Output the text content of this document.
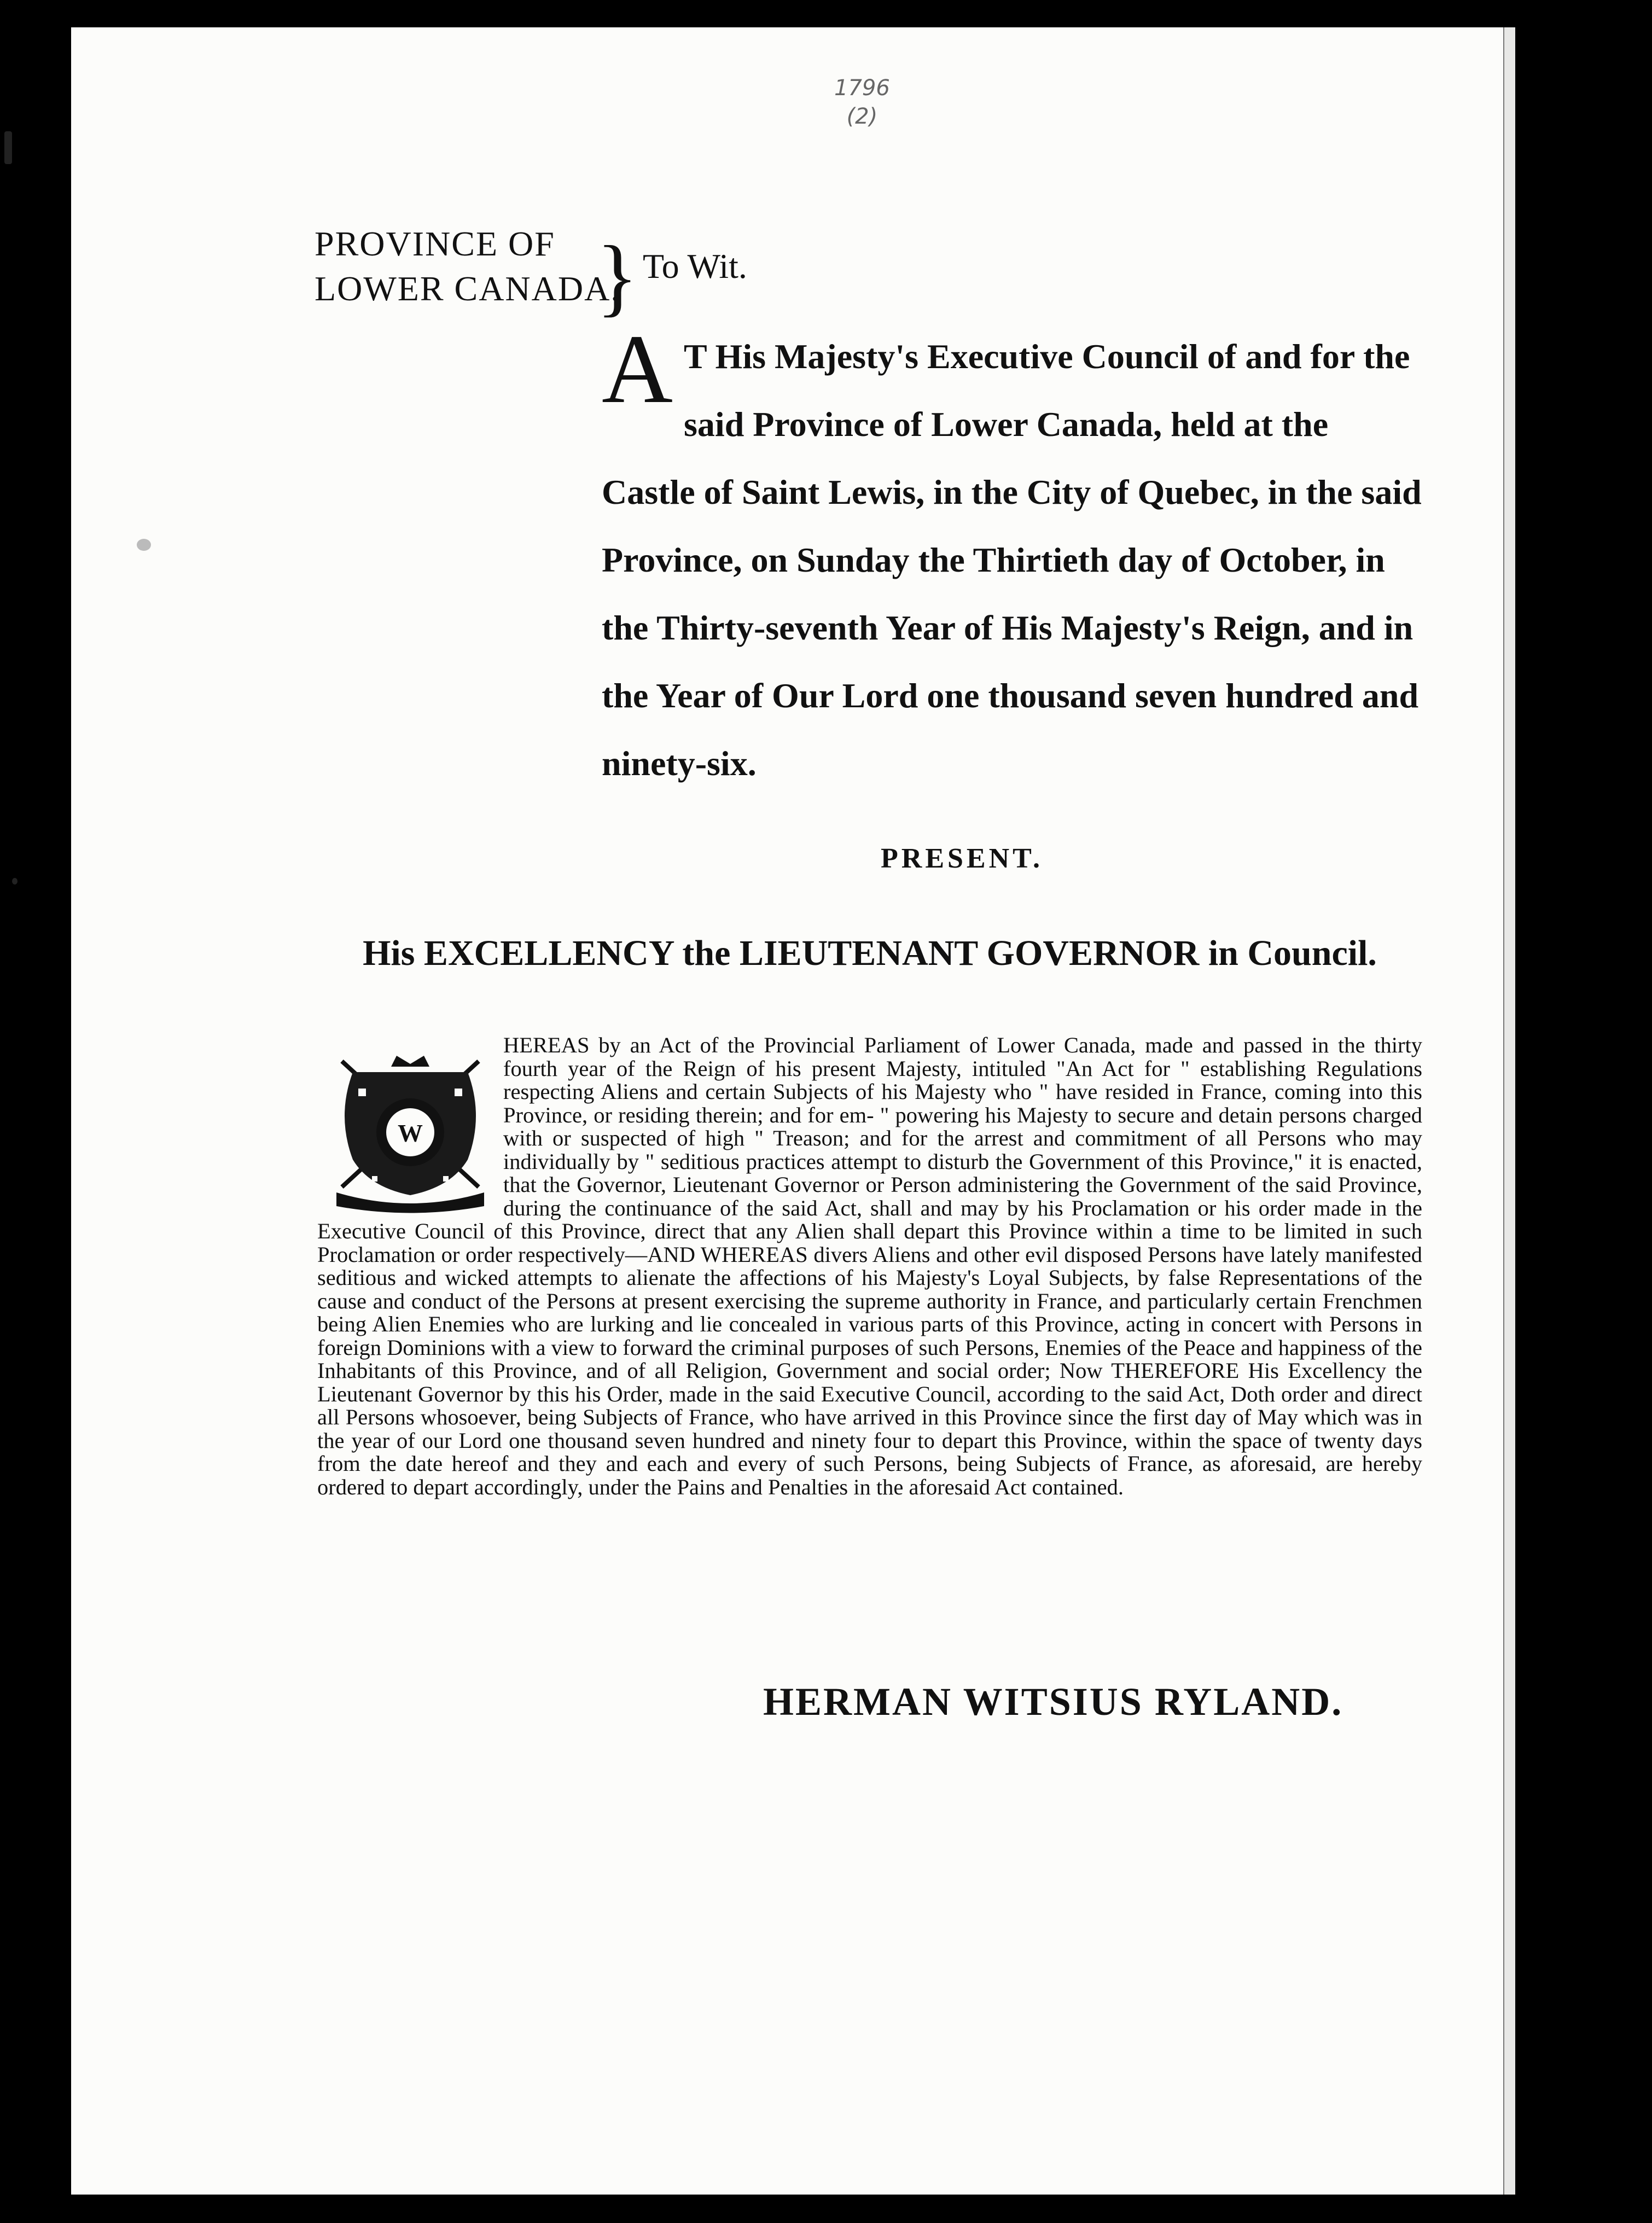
1796
(2)
PROVINCE OF
LOWER CANADA.
} To Wit.

A T His Majesty's Executive Council of and for the said Province of Lower Canada, held at the Castle of Saint Lewis, in the City of Quebec, in the said Province, on Sunday the Thirtieth day of October, in the Thirty-seventh Year of His Majesty's Reign, and in the Year of Our Lord one thousand seven hundred and ninety-six.

PRESENT.
His EXCELLENCY the LIEUTENANT GOVERNOR in Council.
W

HEREAS by an Act of the Provincial Parliament of Lower Canada, made and passed in the thirty fourth year of the Reign of his present Majesty, intituled "An Act for " establishing Regulations respecting Aliens and certain Subjects of his Majesty who " have resided in France, coming into this Province, or residing therein; and for em- " powering his Majesty to secure and detain persons charged with or suspected of high " Treason; and for the arrest and commitment of all Persons who may individually by " seditious practices attempt to disturb the Government of this Province," it is enacted, that the Governor, Lieutenant Governor or Person administering the Government of the said Province, during the continuance of the said Act, shall and may by his Proclamation or his order made in the Executive Council of this Province, direct that any Alien shall depart this Province within a time to be limited in such Proclamation or order respectively—AND WHEREAS divers Aliens and other evil disposed Persons have lately manifested seditious and wicked attempts to alienate the affections of his Majesty's Loyal Subjects, by false Representations of the cause and conduct of the Persons at present exercising the supreme authority in France, and particularly certain Frenchmen being Alien Enemies who are lurking and lie concealed in various parts of this Province, acting in concert with Persons in foreign Dominions with a view to forward the criminal purposes of such Persons, Enemies of the Peace and happiness of the Inhabitants of this Province, and of all Religion, Government and social order; Now THEREFORE His Excellency the Lieutenant Governor by this his Order, made in the said Executive Council, according to the said Act, Doth order and direct all Persons whosoever, being Subjects of France, who have arrived in this Province since the first day of May which was in the year of our Lord one thousand seven hundred and ninety four to depart this Province, within the space of twenty days from the date hereof and they and each and every of such Persons, being Subjects of France, as aforesaid, are hereby ordered to depart accordingly, under the Pains and Penalties in the aforesaid Act contained.

HERMAN WITSIUS RYLAND.
